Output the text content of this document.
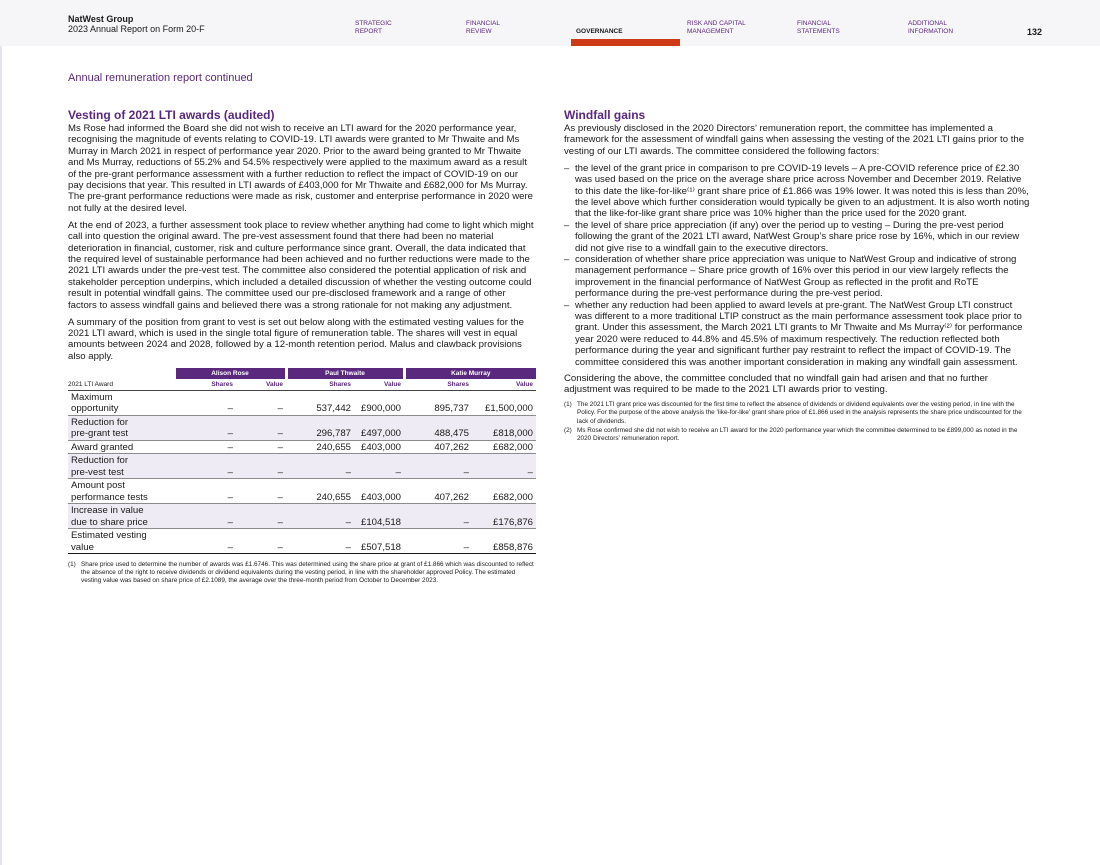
NatWest Group
2023 Annual Report on Form 20-F
STRATEGIC
REPORT
FINANCIAL
REVIEW	GOVERNANCE
RISK AND CAPITAL
MANAGEMENT
FINANCIAL
STATEMENTS
ADDITIONAL
INFORMATION	132
Annual remuneration report continued
Vesting of 2021 LTI awards (audited)

Ms Rose had informed the Board she did not wish to receive an LTI award for the 2020 performance year, recognising the magnitude of events relating to COVID-19. LTI awards were granted to Mr Thwaite and Ms Murray in March 2021 in respect of performance year 2020. Prior to the award being granted to Mr Thwaite and Ms Murray, reductions of 55.2% and 54.5% respectively were applied to the maximum award as a result of the pre-grant performance assessment with a further reduction to reflect the impact of COVID-19 on our pay decisions that year. This resulted in LTI awards of £403,000 for Mr Thwaite and £682,000 for Ms Murray. The pre-grant performance reductions were made as risk, customer and enterprise performance in 2020 were not fully at the desired level.

At the end of 2023, a further assessment took place to review whether anything had come to light which might call into question the original award. The pre-vest assessment found that there had been no material deterioration in financial, customer, risk and culture performance since grant. Overall, the data indicated that the required level of sustainable performance had been achieved and no further reductions were made to the 2021 LTI awards under the pre-vest test. The committee also considered the potential application of risk and stakeholder perception underpins, which included a detailed discussion of whether the vesting outcome could result in potential windfall gains. The committee used our pre-disclosed framework and a range of other factors to assess windfall gains and believed there was a strong rationale for not making any adjustment.

A summary of the position from grant to vest is set out below along with the estimated vesting values for the 2021 LTI award, which is used in the single total figure of remuneration table. The shares will vest in equal amounts between 2024 and 2028, followed by a 12-month retention period. Malus and clawback provisions also apply.

	Alison Rose		Paul Thwaite		Katie Murray	
2021 LTI Award	Shares	Value	Shares	Value	Shares	Value
Maximum
opportunity	–	–	537,442	£900,000	895,737	£1,500,000
Reduction for
pre-grant test	–	–	296,787	£497,000	488,475	£818,000
Award granted	–	–	240,655	£403,000	407,262	£682,000
Reduction for
pre-vest test	–	–	–	–	–	–
Amount post
performance tests	–	–	240,655	£403,000	407,262	£682,000
Increase in value
due to share price	–	–	–	£104,518	–	£176,876
Estimated vesting
value	–	–	–	£507,518	–	£858,876
(1) Share price used to determine the number of awards was £1.6746. This was determined using the share price at grant of £1.866 which was discounted to reflect the absence of the right to receive dividends or dividend equivalents during the vesting period, in line with the shareholder approved Policy. The estimated vesting value was based on share price of £2.1089, the average over the three-month period from October to December 2023.
Windfall gains

As previously disclosed in the 2020 Directors’ remuneration report, the committee has implemented a framework for the assessment of windfall gains when assessing the vesting of the 2021 LTI gains prior to the vesting of our LTI awards. The committee considered the following factors:

– the level of the grant price in comparison to pre COVID-19 levels – A pre-COVID reference price of £2.30 was used based on the price on the average share price across November and December 2019. Relative to this date the like-for-like⁽¹⁾ grant share price of £1.866 was 19% lower. It was noted this is less than 20%, the level above which further consideration would typically be given to an adjustment. It is also worth noting that the like-for-like grant share price was 10% higher than the price used for the 2020 grant.
– the level of share price appreciation (if any) over the period up to vesting – During the pre-vest period following the grant of the 2021 LTI award, NatWest Group’s share price rose by 16%, which in our review did not give rise to a windfall gain to the executive directors.
– consideration of whether share price appreciation was unique to NatWest Group and indicative of strong management performance – Share price growth of 16% over this period in our view largely reflects the improvement in the financial performance of NatWest Group as reflected in the profit and RoTE performance during the pre-vest performance during the pre-vest period.
– whether any reduction had been applied to award levels at pre-grant. The NatWest Group LTI construct was different to a more traditional LTIP construct as the main performance assessment took place prior to grant. Under this assessment, the March 2021 LTI grants to Mr Thwaite and Ms Murray⁽²⁾ for performance year 2020 were reduced to 44.8% and 45.5% of maximum respectively. The reduction reflected both performance during the year and significant further pay restraint to reflect the impact of COVID-19. The committee considered this was another important consideration in making any windfall gain assessment.

Considering the above, the committee concluded that no windfall gain had arisen and that no further adjustment was required to be made to the 2021 LTI awards prior to vesting.

(1) The 2021 LTI grant price was discounted for the first time to reflect the absence of dividends or dividend equivalents over the vesting period, in line with the Policy. For the purpose of the above analysis the ‘like-for-like’ grant share price of £1.866 used in the analysis represents the share price undiscounted for the lack of dividends.
(2) Ms Rose confirmed she did not wish to receive an LTI award for the 2020 performance year which the committee determined to be £899,000 as noted in the 2020 Directors’ remuneration report.
